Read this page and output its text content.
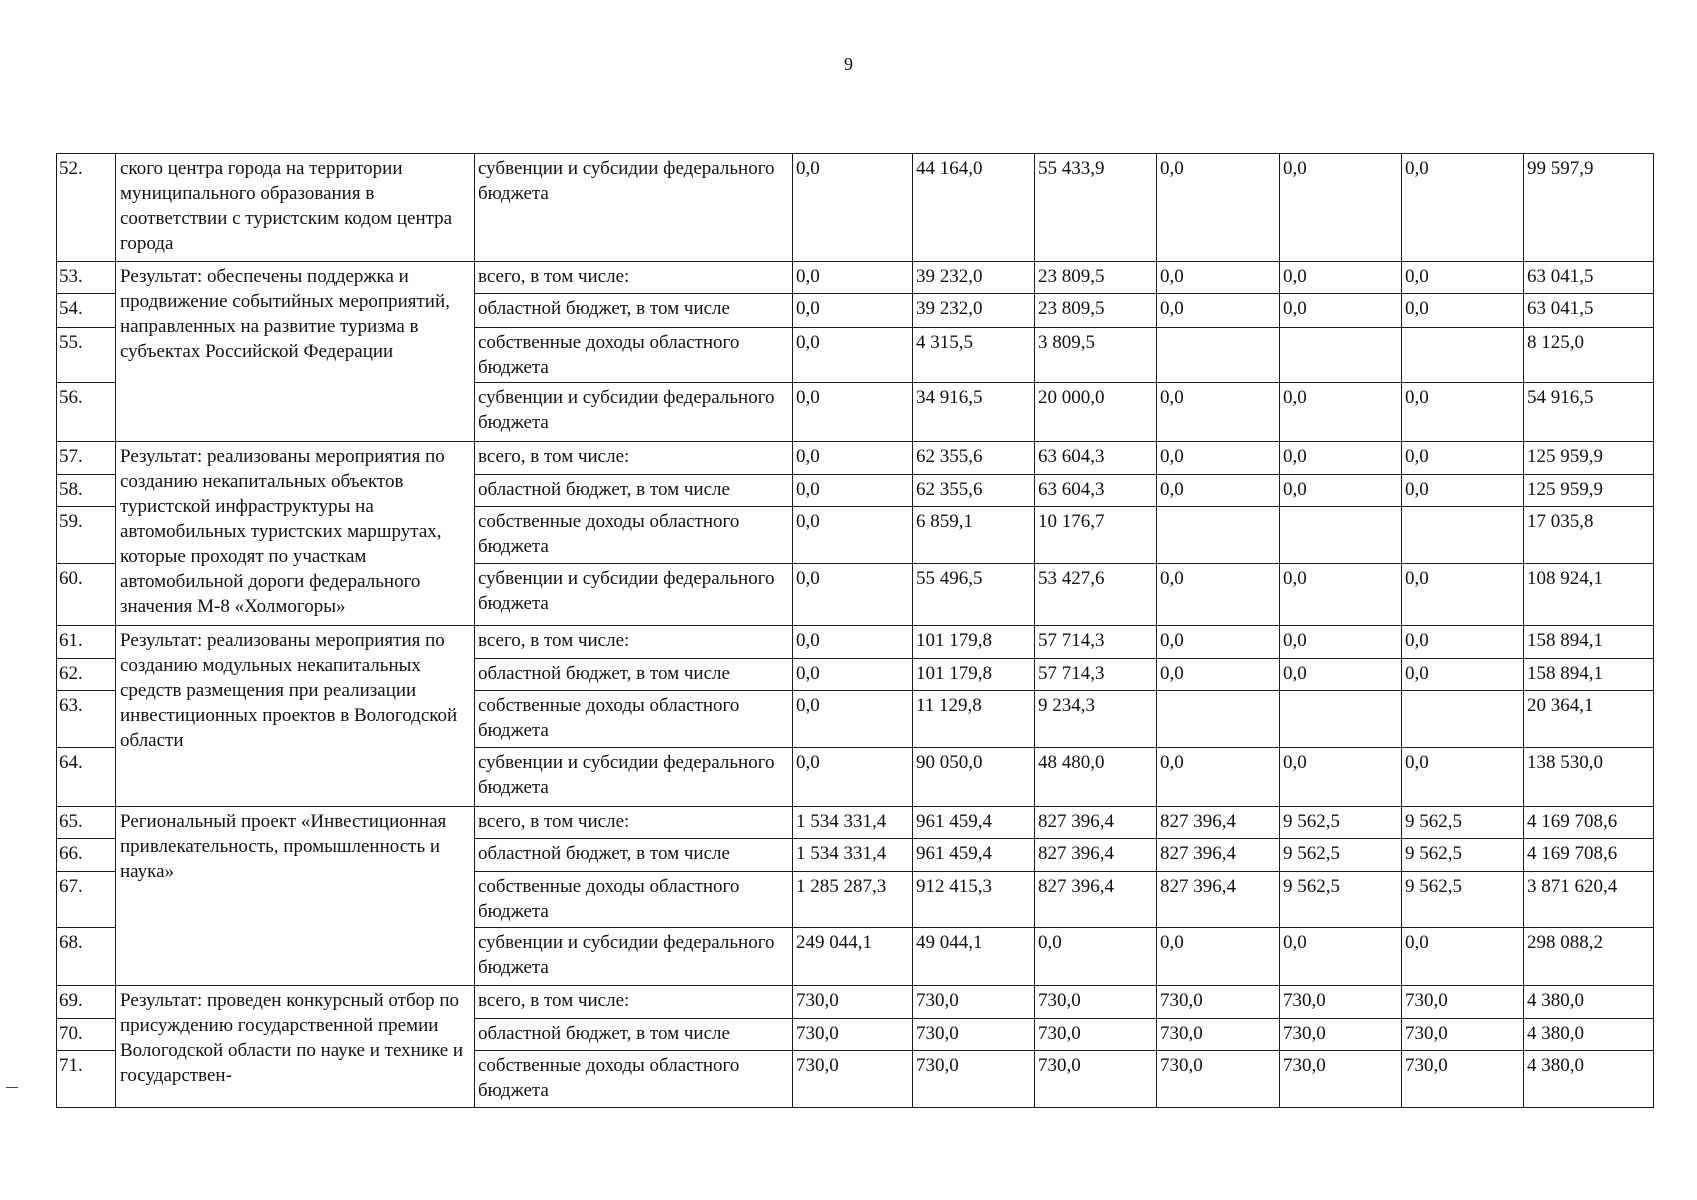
9
52.	ского центра города на территории муниципального образования в соответствии с туристским кодом центра города	субвенции и субсидии федерального бюджета	0,0	44 164,0	55 433,9	0,0	0,0	0,0	99 597,9
53.	Результат: обеспечены поддержка и продвижение событийных мероприятий, направленных на развитие туризма в субъектах Российской Федерации	всего, в том числе:	0,0	39 232,0	23 809,5	0,0	0,0	0,0	63 041,5
54.		областной бюджет, в том числе	0,0	39 232,0	23 809,5	0,0	0,0	0,0	63 041,5
55.		собственные доходы областного бюджета	0,0	4 315,5	3 809,5				8 125,0
56.		субвенции и субсидии федерального бюджета	0,0	34 916,5	20 000,0	0,0	0,0	0,0	54 916,5
57.	Результат: реализованы мероприятия по созданию некапитальных объектов туристской инфраструктуры на автомобильных туристских маршрутах, которые проходят по участкам автомобильной дороги федерального значения М-8 «Холмогоры»	всего, в том числе:	0,0	62 355,6	63 604,3	0,0	0,0	0,0	125 959,9
58.		областной бюджет, в том числе	0,0	62 355,6	63 604,3	0,0	0,0	0,0	125 959,9
59.		собственные доходы областного бюджета	0,0	6 859,1	10 176,7				17 035,8
60.		субвенции и субсидии федерального бюджета	0,0	55 496,5	53 427,6	0,0	0,0	0,0	108 924,1
61.	Результат: реализованы мероприятия по созданию модульных некапитальных средств размещения при реализации инвестиционных проектов в Вологодской области	всего, в том числе:	0,0	101 179,8	57 714,3	0,0	0,0	0,0	158 894,1
62.		областной бюджет, в том числе	0,0	101 179,8	57 714,3	0,0	0,0	0,0	158 894,1
63.		собственные доходы областного бюджета	0,0	11 129,8	9 234,3				20 364,1
64.		субвенции и субсидии федерального бюджета	0,0	90 050,0	48 480,0	0,0	0,0	0,0	138 530,0
65.	Региональный проект «Инвестиционная привлекательность, промышленность и наука»	всего, в том числе:	1 534 331,4	961 459,4	827 396,4	827 396,4	9 562,5	9 562,5	4 169 708,6
66.		областной бюджет, в том числе	1 534 331,4	961 459,4	827 396,4	827 396,4	9 562,5	9 562,5	4 169 708,6
67.		собственные доходы областного бюджета	1 285 287,3	912 415,3	827 396,4	827 396,4	9 562,5	9 562,5	3 871 620,4
68.		субвенции и субсидии федерального бюджета	249 044,1	49 044,1	0,0	0,0	0,0	0,0	298 088,2
69.	Результат: проведен конкурсный отбор по присуждению государственной премии Вологодской области по науке и технике и государствен-	всего, в том числе:	730,0	730,0	730,0	730,0	730,0	730,0	4 380,0
70.		областной бюджет, в том числе	730,0	730,0	730,0	730,0	730,0	730,0	4 380,0
71.		собственные доходы областного бюджета	730,0	730,0	730,0	730,0	730,0	730,0	4 380,0
